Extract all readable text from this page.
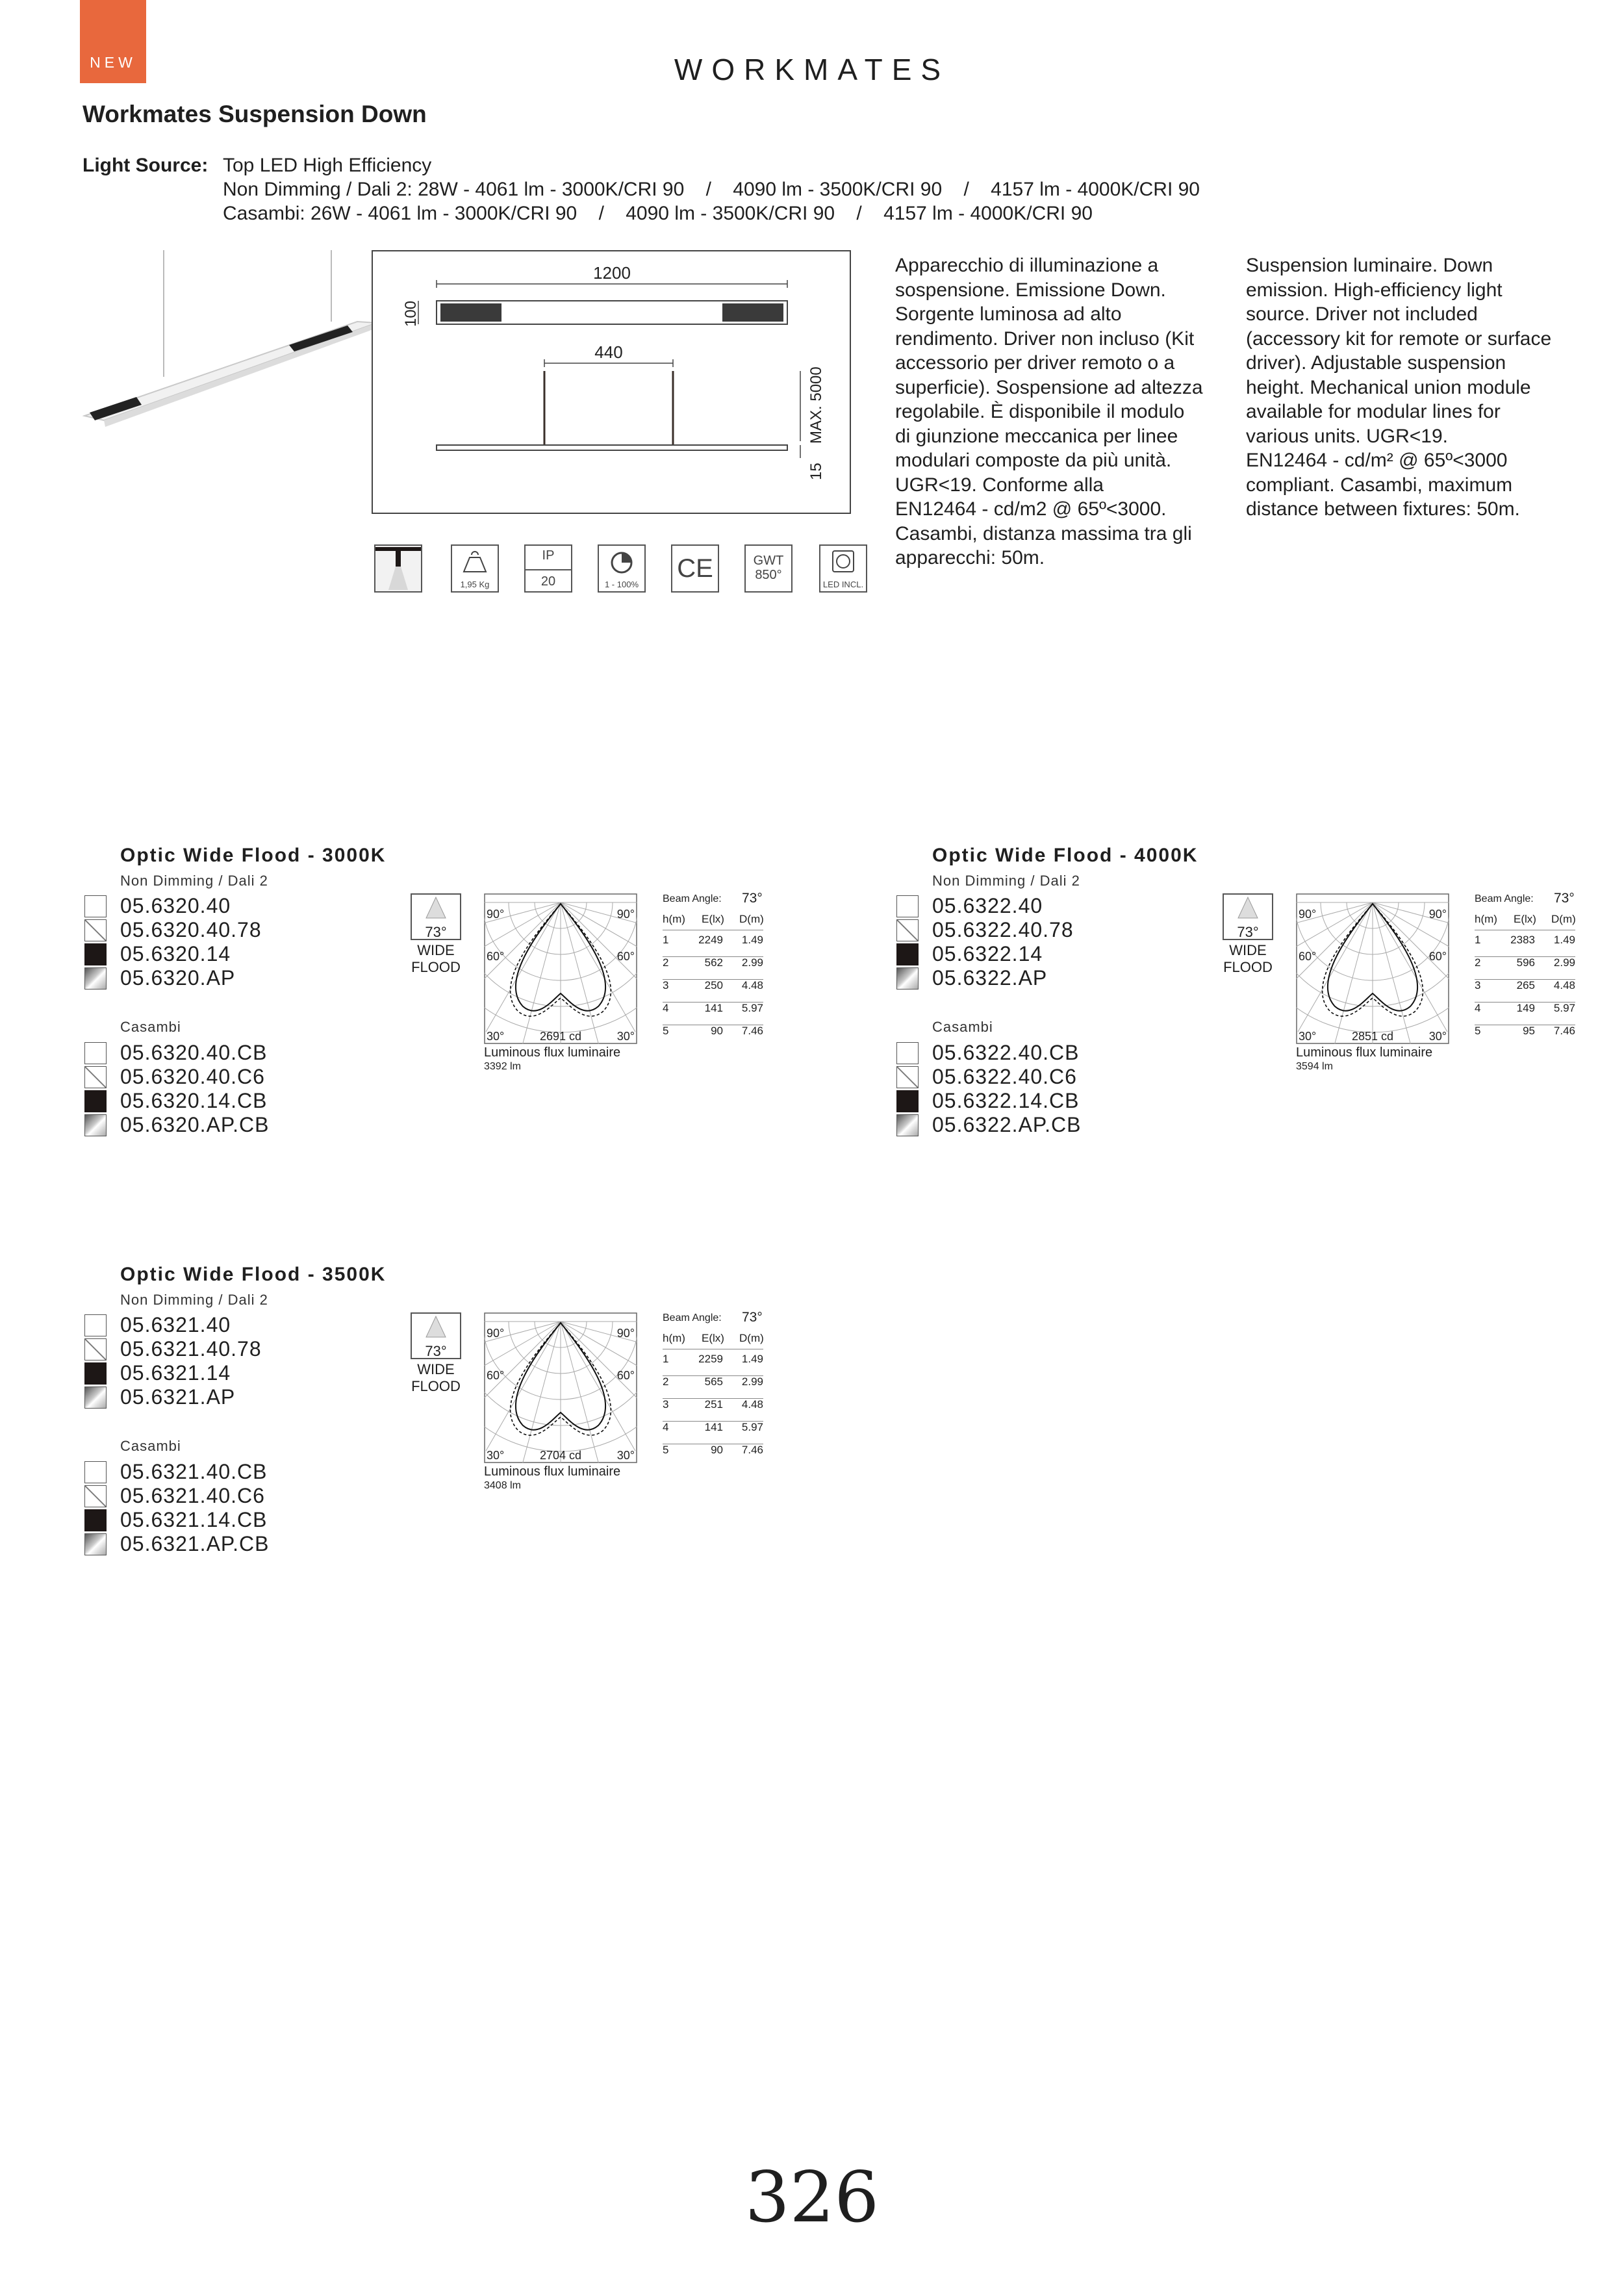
NEW	WORKMATES
Workmates Suspension Down
Light Source: Top LED High Efficiency
Non Dimming / Dali 2: 28W - 4061 lm - 3000K/CRI 90    /    4090 lm - 3500K/CRI 90    /    4157 lm - 4000K/CRI 90
Casambi: 26W - 4061 lm - 3000K/CRI 90    /    4090 lm - 3500K/CRI 90    /    4157 lm - 4000K/CRI 90
1200
100
440
MAX. 5000
15
1,95 Kg
IP
20	1 - 100%
CE	GWT
850°
LED INCL.

Apparecchio di illuminazione a

sospensione. Emissione Down.

Sorgente luminosa ad alto

rendimento. Driver non incluso (Kit

accessorio per driver remoto o a

superficie). Sospensione ad altezza

regolabile. È disponibile il modulo

di giunzione meccanica per linee

modulari composte da più unità.

UGR<19. Conforme alla

EN12464 - cd/m2 @ 65º<3000.

Casambi, distanza massima tra gli

apparecchi: 50m.

Suspension luminaire. Down

emission. High-efficiency light

source. Driver not included

(accessory kit for remote or surface

driver). Adjustable suspension

height. Mechanical union module

available for modular lines for

various units. UGR<19.

EN12464 - cd/m² @ 65º<3000

compliant. Casambi, maximum

distance between fixtures: 50m.

Optic Wide Flood - 3000K
Non Dimming / Dali 2
05.6320.40
05.6320.40.78
05.6320.14
05.6320.AP
Casambi
05.6320.40.CB
05.6320.40.C6
05.6320.14.CB
05.6320.AP.CB
73°
WIDE
FLOOD
90°	90°
60°	60°
30°	30°
2691 cd
Luminous flux luminaire
3392 lm
Beam Angle: 73°
h(m) E(lx) D(m)
1	2249 1.49
2	562 2.99
3	250 4.48
4	141 5.97
5	90 7.46
Optic Wide Flood - 4000K
Non Dimming / Dali 2
05.6322.40
05.6322.40.78
05.6322.14
05.6322.AP
Casambi
05.6322.40.CB
05.6322.40.C6
05.6322.14.CB
05.6322.AP.CB
73°
WIDE
FLOOD
90°	90°
60°	60°
30°	30°
2851 cd
Luminous flux luminaire
3594 lm
Beam Angle: 73°
h(m) E(lx) D(m)
1	2383 1.49
2	596 2.99
3	265 4.48
4	149 5.97
5	95 7.46
Optic Wide Flood - 3500K
Non Dimming / Dali 2
05.6321.40
05.6321.40.78
05.6321.14
05.6321.AP
Casambi
05.6321.40.CB
05.6321.40.C6
05.6321.14.CB
05.6321.AP.CB
73°
WIDE
FLOOD
90°	90°
60°	60°
30°	30°
2704 cd
Luminous flux luminaire
3408 lm
Beam Angle: 73°
h(m) E(lx) D(m)
1	2259 1.49
2	565 2.99
3	251 4.48
4	141 5.97
5	90 7.46
326
